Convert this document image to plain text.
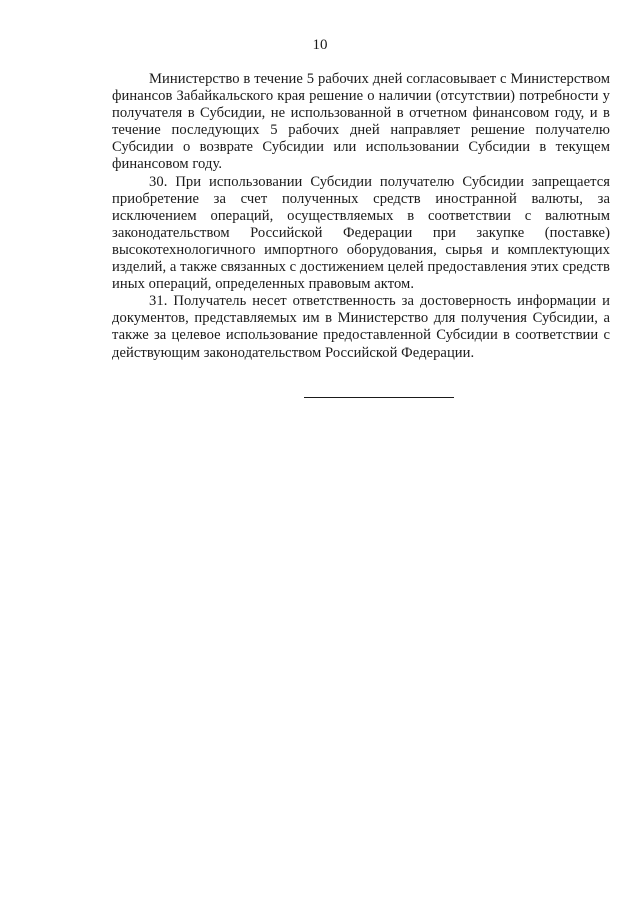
10

Министерство в течение 5 рабочих дней согласовывает с Министерством финансов Забайкальского края решение о наличии (отсутствии) потребности у получателя в Субсидии, не использованной в отчетном финансовом году, и в течение последующих 5 рабочих дней направляет решение получателю Субсидии о возврате Субсидии или использовании Субсидии в текущем финансовом году.

30. При использовании Субсидии получателю Субсидии запрещается приобретение за счет полученных средств иностранной валюты, за исключением операций, осуществляемых в соответствии с валютным законодательством Российской Федерации при закупке (поставке) высокотехнологичного импортного оборудования, сырья и комплектующих изделий, а также связанных с достижением целей предоставления этих средств иных операций, определенных правовым актом.

31. Получатель несет ответственность за достоверность информации и документов, представляемых им в Министерство для получения Субсидии, а также за целевое использование предоставленной Субсидии в соответствии с действующим законодательством Российской Федерации.
